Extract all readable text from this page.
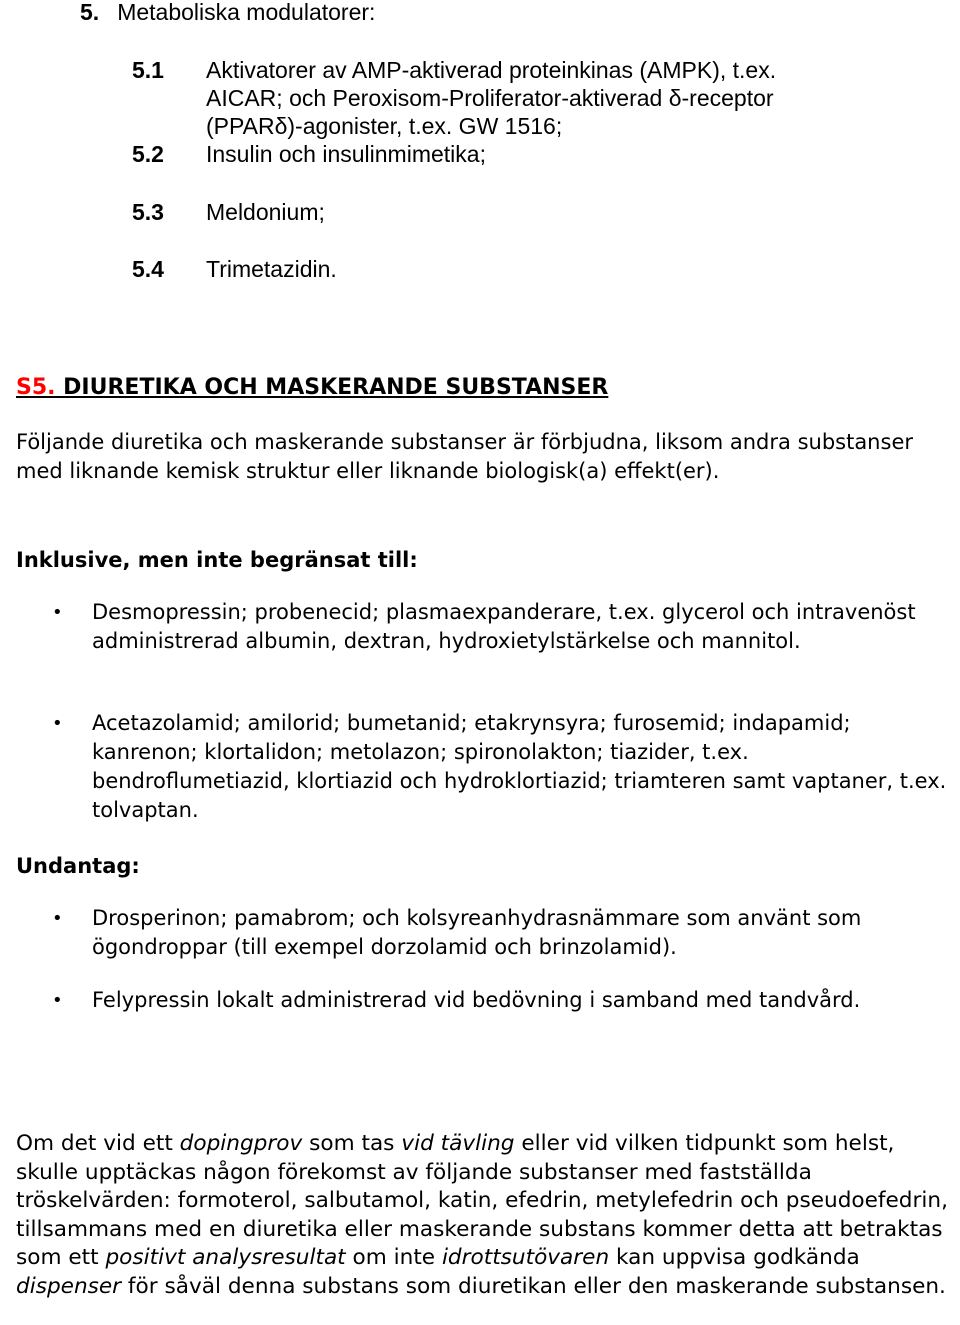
5. Metaboliska modulatorer:
5.1 Aktivatorer av AMP-aktiverad proteinkinas (AMPK), t.ex.
AICAR; och Peroxisom-Proliferator-aktiverad δ-receptor
(PPARδ)-agonister, t.ex. GW 1516;
5.2 Insulin och insulinmimetika;
5.3 Meldonium;
5.4 Trimetazidin.
S5. DIURETIKA OCH MASKERANDE SUBSTANSER
Följande diuretika och maskerande substanser är förbjudna, liksom andra substanser med liknande kemisk struktur eller liknande biologisk(a) effekt(er).
Inklusive, men inte begränsat till:
• Desmopressin; probenecid; plasmaexpanderare, t.ex. glycerol och intravenöst administrerad albumin, dextran, hydroxietylstärkelse och mannitol.
• Acetazolamid; amilorid; bumetanid; etakrynsyra; furosemid; indapamid; kanrenon; klortalidon; metolazon; spironolakton; tiazider, t.ex. bendroflumetiazid, klortiazid och hydroklortiazid; triamteren samt vaptaner, t.ex. tolvaptan.
Undantag:
• Drosperinon; pamabrom; och kolsyreanhydrasnämmare som använt som ögondroppar (till exempel dorzolamid och brinzolamid).
• Felypressin lokalt administrerad vid bedövning i samband med tandvård.
Om det vid ett dopingprov som tas vid tävling eller vid vilken tidpunkt som helst, skulle upptäckas någon förekomst av följande substanser med fastställda tröskelvärden: formoterol, salbutamol, katin, efedrin, metylefedrin och pseudoefedrin, tillsammans med en diuretika eller maskerande substans kommer detta att betraktas som ett positivt analysresultat om inte idrottsutövaren kan uppvisa godkända dispenser för såväl denna substans som diuretikan eller den maskerande substansen.
